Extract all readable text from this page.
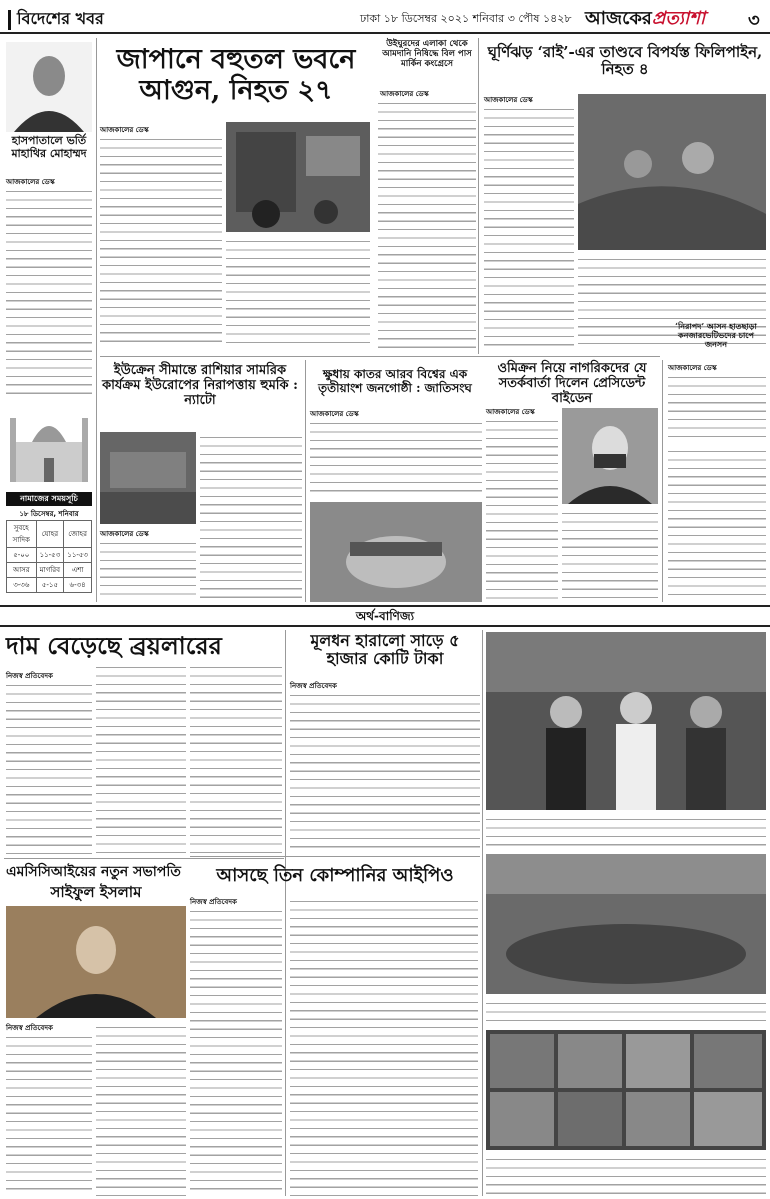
বিদেশের খবর	ঢাকা ১৮ ডিসেম্বর ২০২১ শনিবার ৩ পৌষ ১৪২৮ আজকেরপ্রত্যাশা ৩
হাসপাতালে ভর্তি মাহাথির মোহাম্মদ
আজকালের ডেস্ক
নামাজের সময়সূচি
১৮ ডিসেম্বর, শনিবার
সুবহে সাদিক	যোহর	জোহর
৫-০০	১১-৫৩	১১-৫৩
আসর	মাগরিব	এশা
৩-৩৬	৫-১৫	৬-৩৪
জাপানে বহুতল ভবনে আগুন, নিহত ২৭
আজকালের ডেস্ক
উইঘুরদের এলাকা থেকে আমদানি নিষিদ্ধে বিল পাস মার্কিন কংগ্রেসে
আজকালের ডেস্ক
ঘূর্ণিঝড় ‘রাই’-এর তাণ্ডবে বিপর্যস্ত ফিলিপাইন, নিহত ৪
আজকালের ডেস্ক
ইউক্রেন সীমান্তে রাশিয়ার সামরিক কার্যক্রম ইউরোপের নিরাপত্তায় হুমকি : ন্যাটো
আজকালের ডেস্ক
ক্ষুধায় কাতর আরব বিশ্বের এক তৃতীয়াংশ জনগোষ্ঠী : জাতিসংঘ
আজকালের ডেস্ক
ওমিক্রন নিয়ে নাগরিকদের যে সতর্কবার্তা দিলেন প্রেসিডেন্ট বাইডেন
আজকালের ডেস্ক
আজকালের ডেস্ক
‘নিরাপদ’ আসন হাতছাড়া কনজারভেটিভদের চাপে জনসন
অর্থ-বাণিজ্য
দাম বেড়েছে ব্রয়লারের
নিজস্ব প্রতিবেদক
মূলধন হারালো সাড়ে ৫ হাজার কোটি টাকা
নিজস্ব প্রতিবেদক
এমসিসিআইয়ের নতুন সভাপতি
সাইফুল ইসলাম
নিজস্ব প্রতিবেদক
আসছে তিন কোম্পানির আইপিও
নিজস্ব প্রতিবেদক
